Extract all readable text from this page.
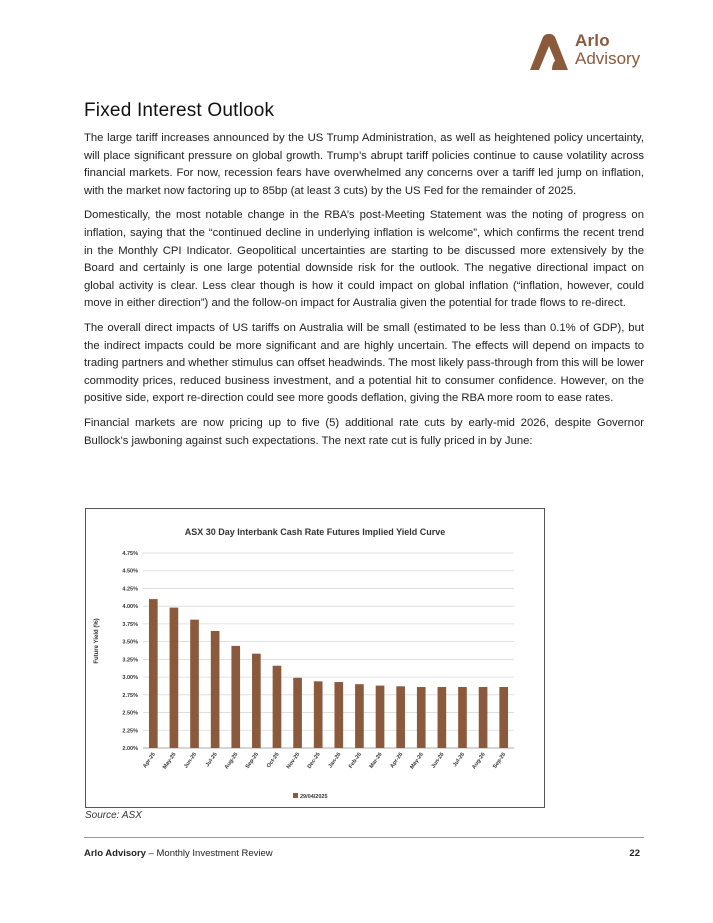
Arlo
Advisory
Fixed Interest Outlook

The large tariff increases announced by the US Trump Administration, as well as heightened policy uncertainty, will place significant pressure on global growth. Trump’s abrupt tariff policies continue to cause volatility across financial markets. For now, recession fears have overwhelmed any concerns over a tariff led jump on inflation, with the market now factoring up to 85bp (at least 3 cuts) by the US Fed for the remainder of 2025.

Domestically, the most notable change in the RBA’s post-Meeting Statement was the noting of progress on inflation, saying that the “continued decline in underlying inflation is welcome”, which confirms the recent trend in the Monthly CPI Indicator. Geopolitical uncertainties are starting to be discussed more extensively by the Board and certainly is one large potential downside risk for the outlook. The negative directional impact on global activity is clear. Less clear though is how it could impact on global inflation (“inflation, however, could move in either direction”) and the follow-on impact for Australia given the potential for trade flows to re-direct.

The overall direct impacts of US tariffs on Australia will be small (estimated to be less than 0.1% of GDP), but the indirect impacts could be more significant and are highly uncertain. The effects will depend on impacts to trading partners and whether stimulus can offset headwinds. The most likely pass-through from this will be lower commodity prices, reduced business investment, and a potential hit to consumer confidence. However, on the positive side, export re-direction could see more goods deflation, giving the RBA more room to ease rates.

Financial markets are now pricing up to five (5) additional rate cuts by early-mid 2026, despite Governor Bullock’s jawboning against such expectations. The next rate cut is fully priced in by June:

ASX 30 Day Interbank Cash Rate Futures Implied Yield Curve
Future Yield (%)
2.00%
2.25%
2.50%
2.75%
3.00%
3.25%
3.50%
3.75%
4.00%
4.25%
4.50%
4.75%
Apr-25 May-25 Jun-25 Jul-25 Aug-25 Sep-25 Oct-25 Nov-25 Dec-25 Jan-26 Feb-26 Mar-26 Apr-26 May-26 Jun-26 Jul-26 Aug-26 Sep-26
29/04/2025
Source: ASX
Arlo Advisory – Monthly Investment Review	22
